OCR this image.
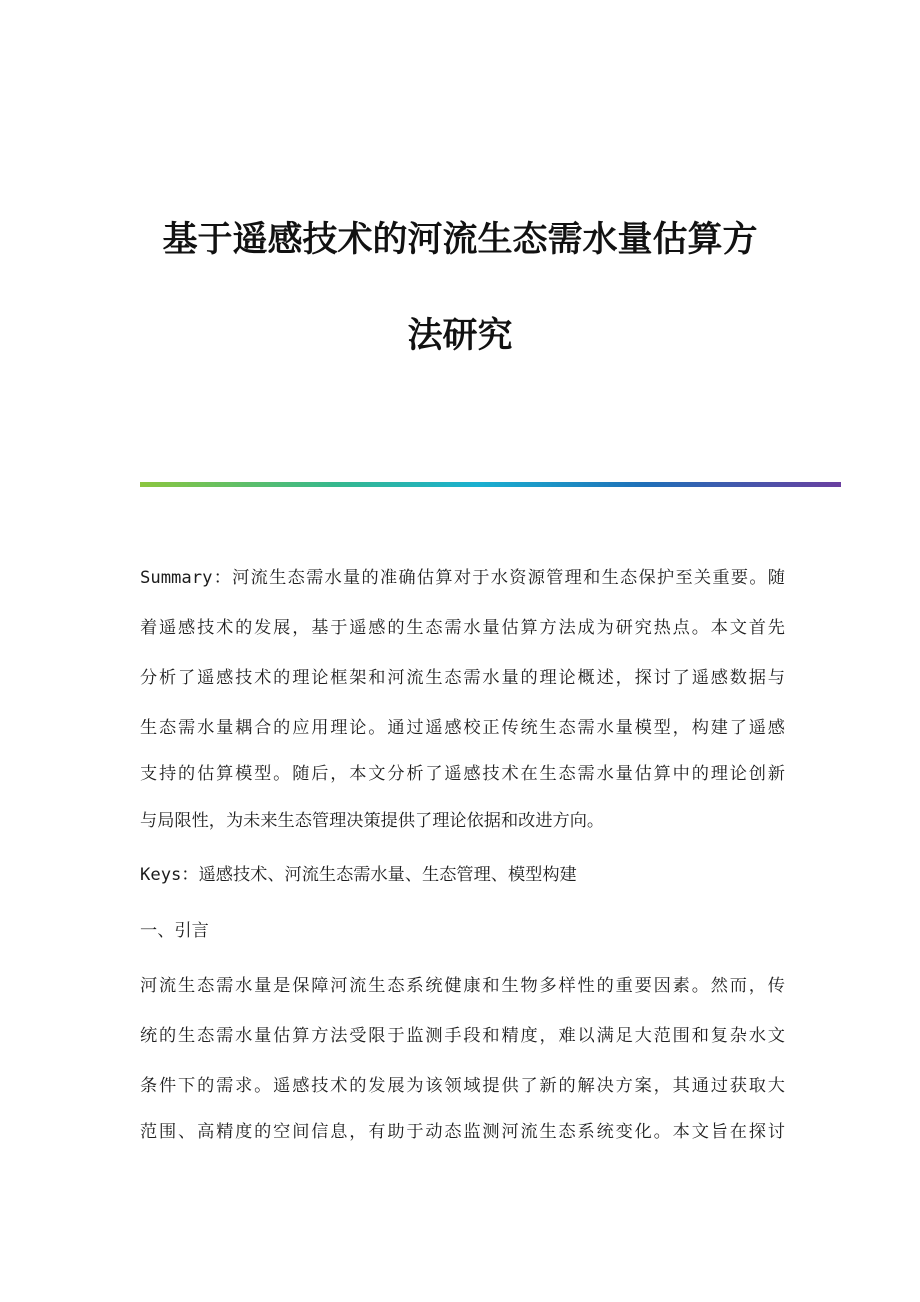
基于遥感技术的河流生态需水量估算方
法研究
Summary：河流生态需水量的准确估算对于水资源管理和生态保护至关重要。随
着遥感技术的发展，基于遥感的生态需水量估算方法成为研究热点。本文首先
分析了遥感技术的理论框架和河流生态需水量的理论概述，探讨了遥感数据与
生态需水量耦合的应用理论。通过遥感校正传统生态需水量模型，构建了遥感
支持的估算模型。随后，本文分析了遥感技术在生态需水量估算中的理论创新
与局限性，为未来生态管理决策提供了理论依据和改进方向。
Keys：遥感技术、河流生态需水量、生态管理、模型构建
一、引言
河流生态需水量是保障河流生态系统健康和生物多样性的重要因素。然而，传
统的生态需水量估算方法受限于监测手段和精度，难以满足大范围和复杂水文
条件下的需求。遥感技术的发展为该领域提供了新的解决方案，其通过获取大
范围、高精度的空间信息，有助于动态监测河流生态系统变化。本文旨在探讨
